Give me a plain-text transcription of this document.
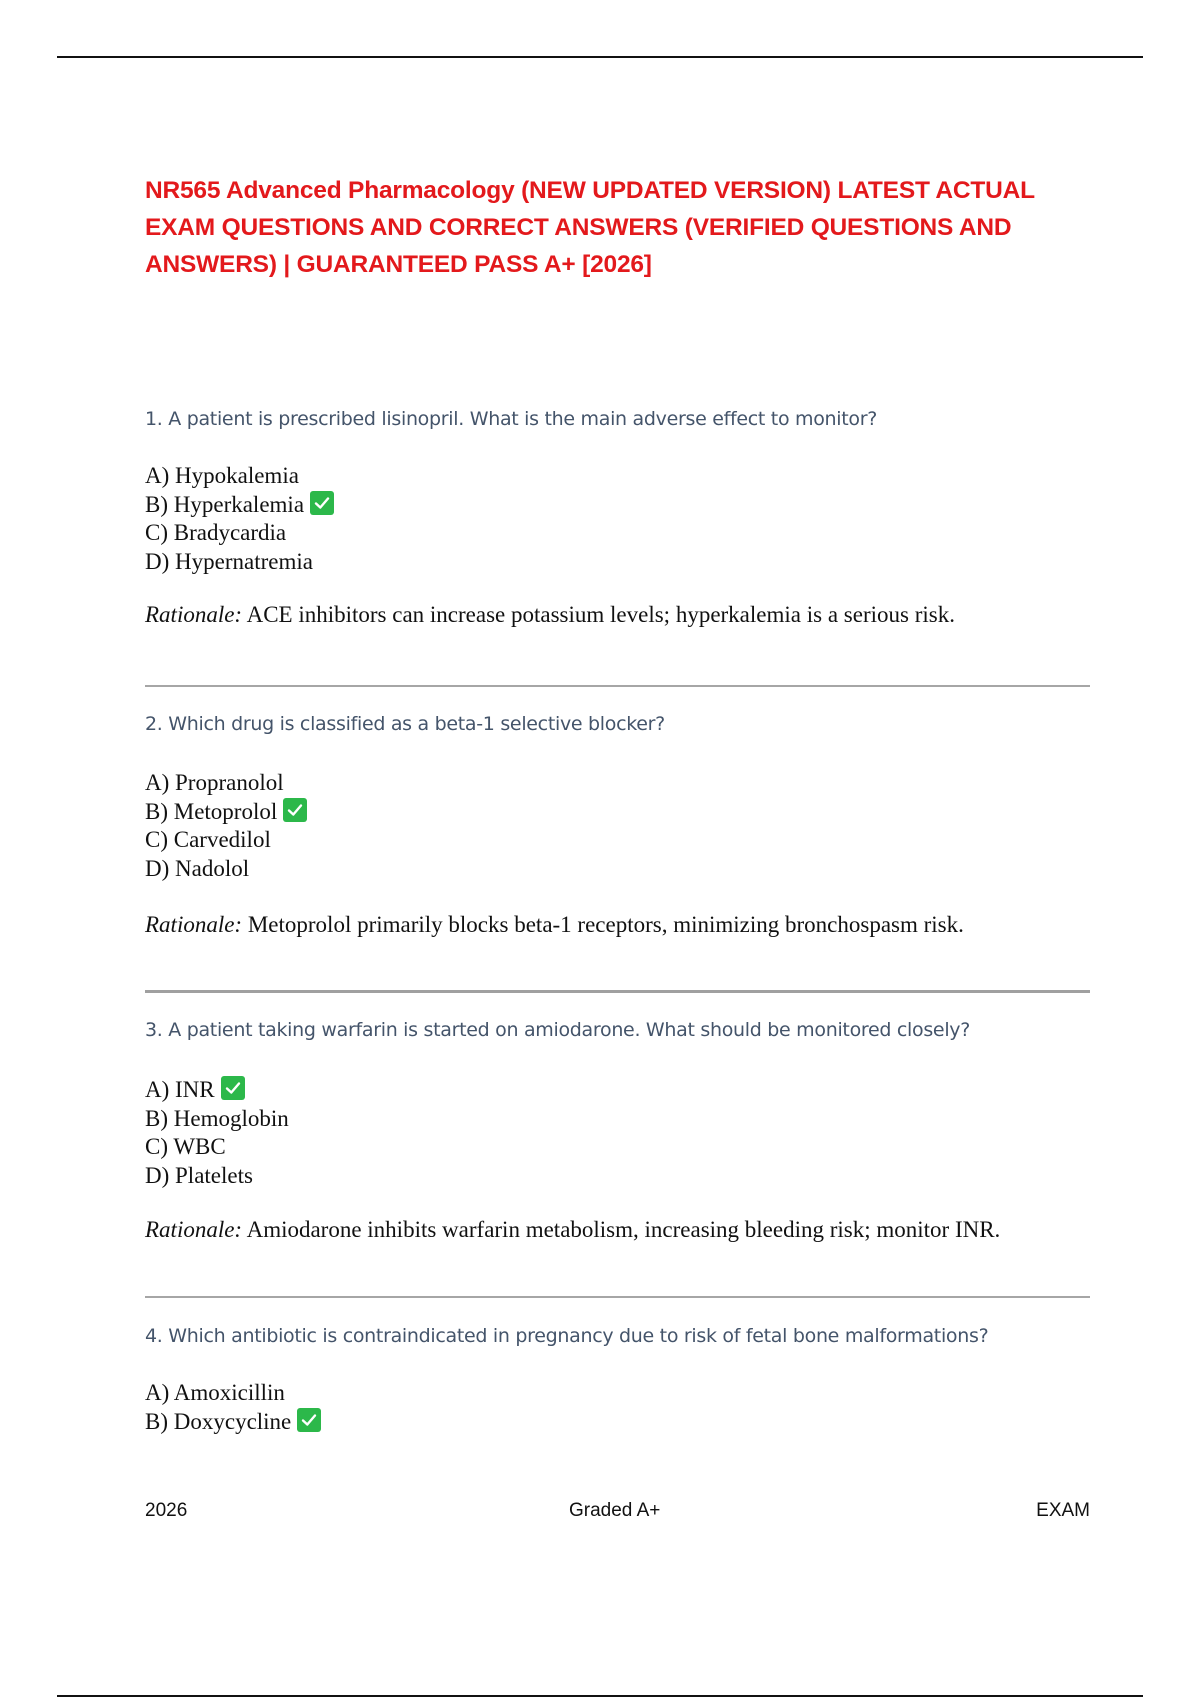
NR565 Advanced Pharmacology (NEW UPDATED VERSION) LATEST ACTUAL EXAM QUESTIONS AND CORRECT ANSWERS (VERIFIED QUESTIONS AND ANSWERS) | GUARANTEED PASS A+ [2026]

1. A patient is prescribed lisinopril. What is the main adverse effect to monitor?

A) Hypokalemia
B) Hyperkalemia
C) Bradycardia
D) Hypernatremia
Rationale: ACE inhibitors can increase potassium levels; hyperkalemia is a serious risk.

2. Which drug is classified as a beta-1 selective blocker?

A) Propranolol
B) Metoprolol
C) Carvedilol
D) Nadolol
Rationale: Metoprolol primarily blocks beta-1 receptors, minimizing bronchospasm risk.

3. A patient taking warfarin is started on amiodarone. What should be monitored closely?

A) INR
B) Hemoglobin
C) WBC
D) Platelets
Rationale: Amiodarone inhibits warfarin metabolism, increasing bleeding risk; monitor INR.

4. Which antibiotic is contraindicated in pregnancy due to risk of fetal bone malformations?

A) Amoxicillin
B) Doxycycline
2026	Graded A+	EXAM
